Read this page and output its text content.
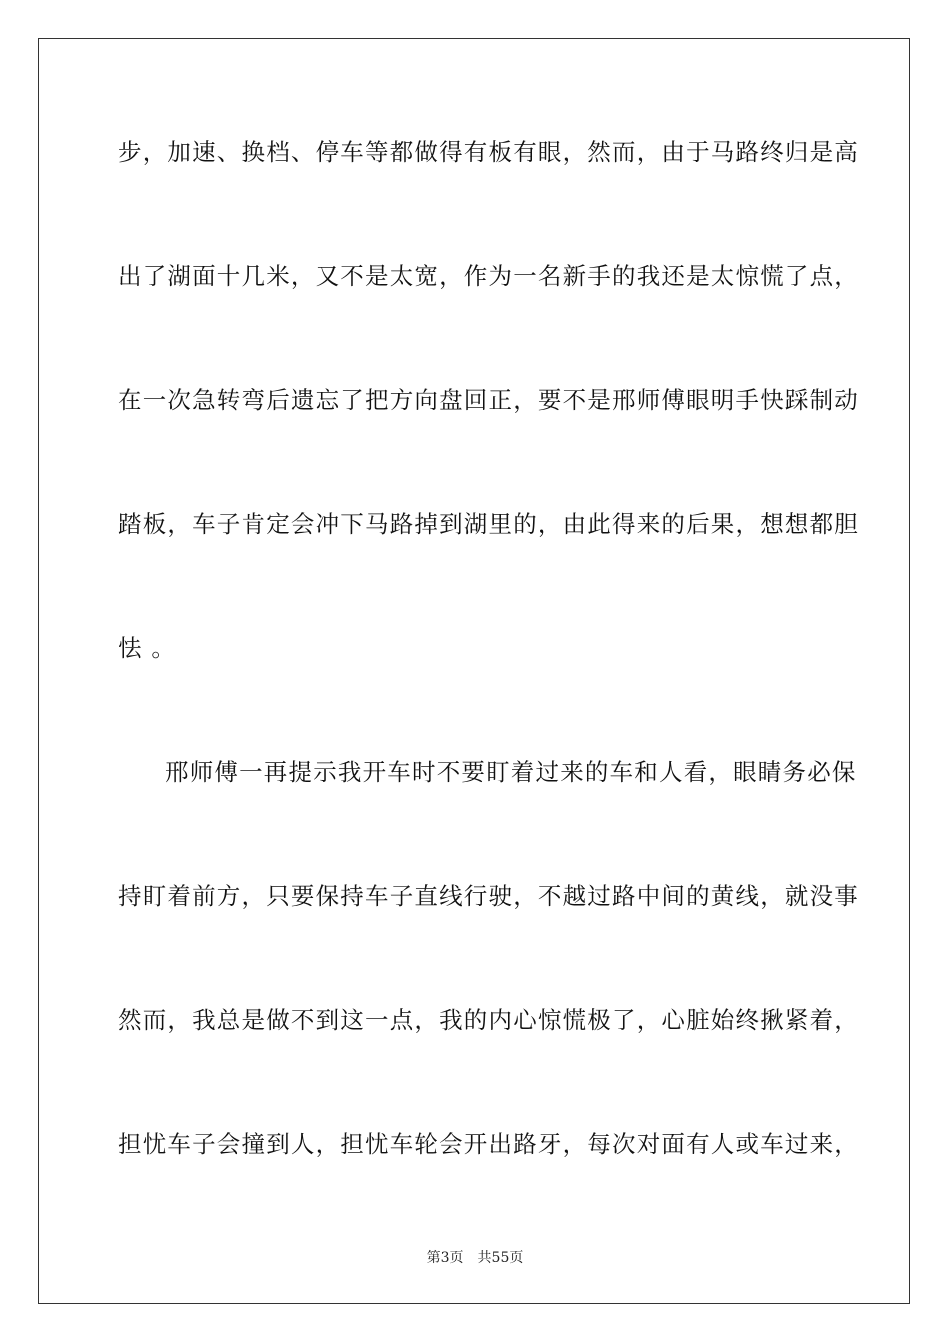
步，加速、换档、停车等都做得有板有眼，然而，由于马路终归是高
出了湖面十几米，又不是太宽，作为一名新手的我还是太惊慌了点，
在一次急转弯后遗忘了把方向盘回正，要不是邢师傅眼明手快踩制动
踏板，车子肯定会冲下马路掉到湖里的，由此得来的后果，想想都胆
怯 。
邢师傅一再提示我开车时不要盯着过来的车和人看，眼睛务必保
持盯着前方，只要保持车子直线行驶，不越过路中间的黄线，就没事
然而，我总是做不到这一点，我的内心惊慌极了，心脏始终揪紧着，
担忧车子会撞到人，担忧车轮会开出路牙，每次对面有人或车过来，
第3页 共55页
